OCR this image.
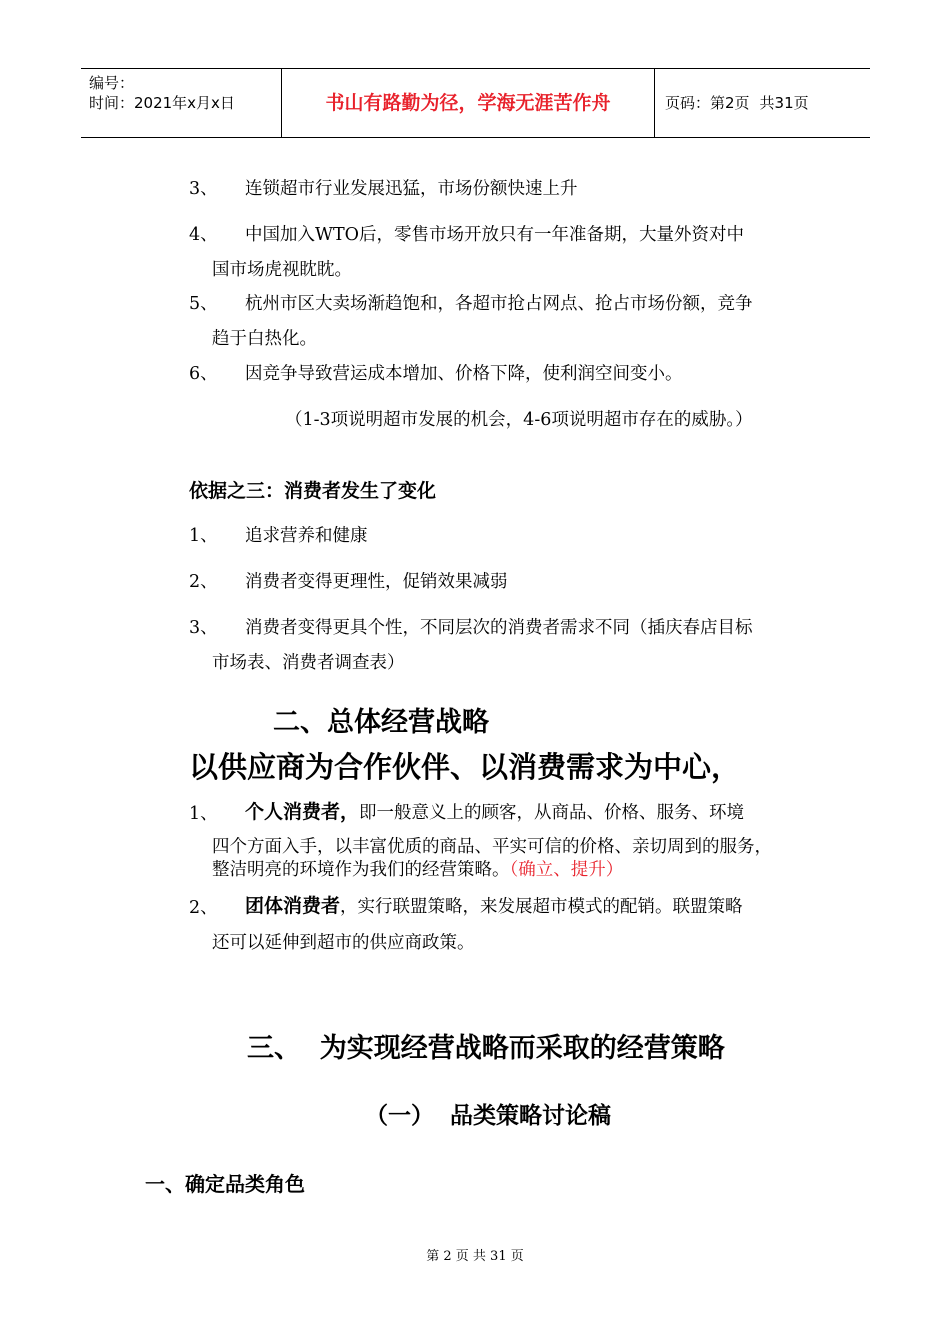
编号：
时间：2021年x月x日	书山有路勤为径，学海无涯苦作舟	页码：第2页 共31页
3、 连锁超市行业发展迅猛，市场份额快速上升
4、 中国加入WTO后，零售市场开放只有一年准备期，大量外资对中
国市场虎视眈眈。
5、 杭州市区大卖场渐趋饱和，各超市抢占网点、抢占市场份额，竞争
趋于白热化。
6、 因竞争导致营运成本增加、价格下降，使利润空间变小。
（1-3项说明超市发展的机会，4-6项说明超市存在的威胁。）
依据之三：消费者发生了变化
1、 追求营养和健康
2、 消费者变得更理性，促销效果减弱
3、 消费者变得更具个性，不同层次的消费者需求不同（插庆春店目标
市场表、消费者调查表）
二、总体经营战略
以供应商为合作伙伴、以消费需求为中心，
1、 个人消费者，即一般意义上的顾客，从商品、价格、服务、环境
四个方面入手，以丰富优质的商品、平实可信的价格、亲切周到的服务，
整洁明亮的环境作为我们的经营策略。（确立、提升）
2、 团体消费者，实行联盟策略，来发展超市模式的配销。联盟策略
还可以延伸到超市的供应商政策。
三、  为实现经营战略而采取的经营策略
（一）  品类策略讨论稿
一、确定品类角色
第 2 页 共 31 页
